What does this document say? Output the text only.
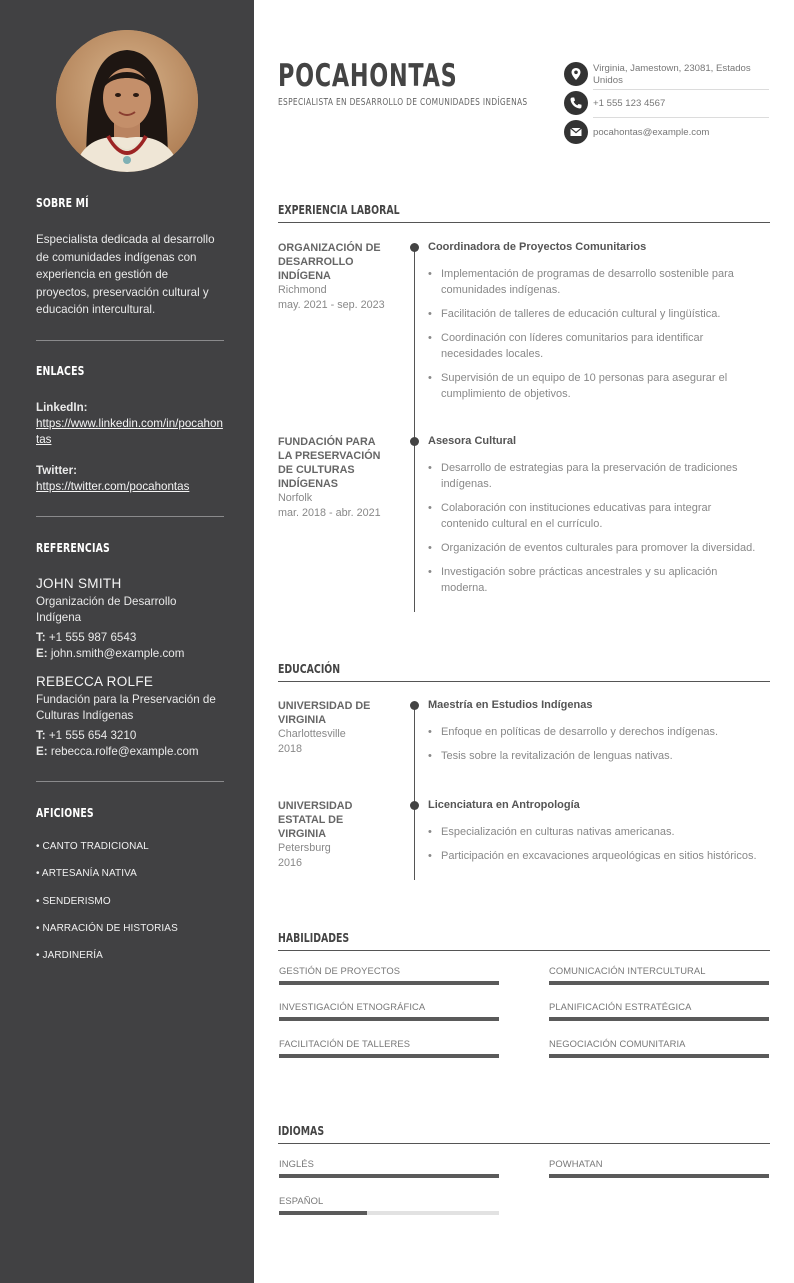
SOBRE MÍ
Especialista dedicada al desarrollo de comunidades indígenas con experiencia en gestión de proyectos, preservación cultural y educación intercultural.
ENLACES
LinkedIn:
https://www.linkedin.com/in/pocahontas
Twitter:
https://twitter.com/pocahontas
REFERENCIAS
JOHN SMITH
Organización de Desarrollo Indígena
T: +1 555 987 6543
E: john.smith@example.com
REBECCA ROLFE
Fundación para la Preservación de Culturas Indígenas
T: +1 555 654 3210
E: rebecca.rolfe@example.com
AFICIONES
• CANTO TRADICIONAL
• ARTESANÍA NATIVA
• SENDERISMO
• NARRACIÓN DE HISTORIAS
• JARDINERÍA
POCAHONTAS
ESPECIALISTA EN DESARROLLO DE COMUNIDADES INDÍGENAS
Virginia, Jamestown, 23081, Estados Unidos
+1 555 123 4567
pocahontas@example.com
EXPERIENCIA LABORAL
ORGANIZACIÓN DE DESARROLLO INDÍGENA
Richmond
may. 2021 - sep. 2023
Coordinadora de Proyectos Comunitarios
• Implementación de programas de desarrollo sostenible para comunidades indígenas.
• Facilitación de talleres de educación cultural y lingüística.
• Coordinación con líderes comunitarios para identificar necesidades locales.
• Supervisión de un equipo de 10 personas para asegurar el cumplimiento de objetivos.
FUNDACIÓN PARA LA PRESERVACIÓN DE CULTURAS INDÍGENAS
Norfolk
mar. 2018 - abr. 2021
Asesora Cultural
• Desarrollo de estrategias para la preservación de tradiciones indígenas.
• Colaboración con instituciones educativas para integrar contenido cultural en el currículo.
• Organización de eventos culturales para promover la diversidad.
• Investigación sobre prácticas ancestrales y su aplicación moderna.
EDUCACIÓN
UNIVERSIDAD DE VIRGINIA
Charlottesville
2018
Maestría en Estudios Indígenas
• Enfoque en políticas de desarrollo y derechos indígenas.
• Tesis sobre la revitalización de lenguas nativas.
UNIVERSIDAD ESTATAL DE VIRGINIA
Petersburg
2016
Licenciatura en Antropología
• Especialización en culturas nativas americanas.
• Participación en excavaciones arqueológicas en sitios históricos.
HABILIDADES
GESTIÓN DE PROYECTOS	COMUNICACIÓN INTERCULTURAL
INVESTIGACIÓN ETNOGRÁFICA	PLANIFICACIÓN ESTRATÉGICA
FACILITACIÓN DE TALLERES	NEGOCIACIÓN COMUNITARIA
IDIOMAS
INGLÉS	POWHATAN
ESPAÑOL
